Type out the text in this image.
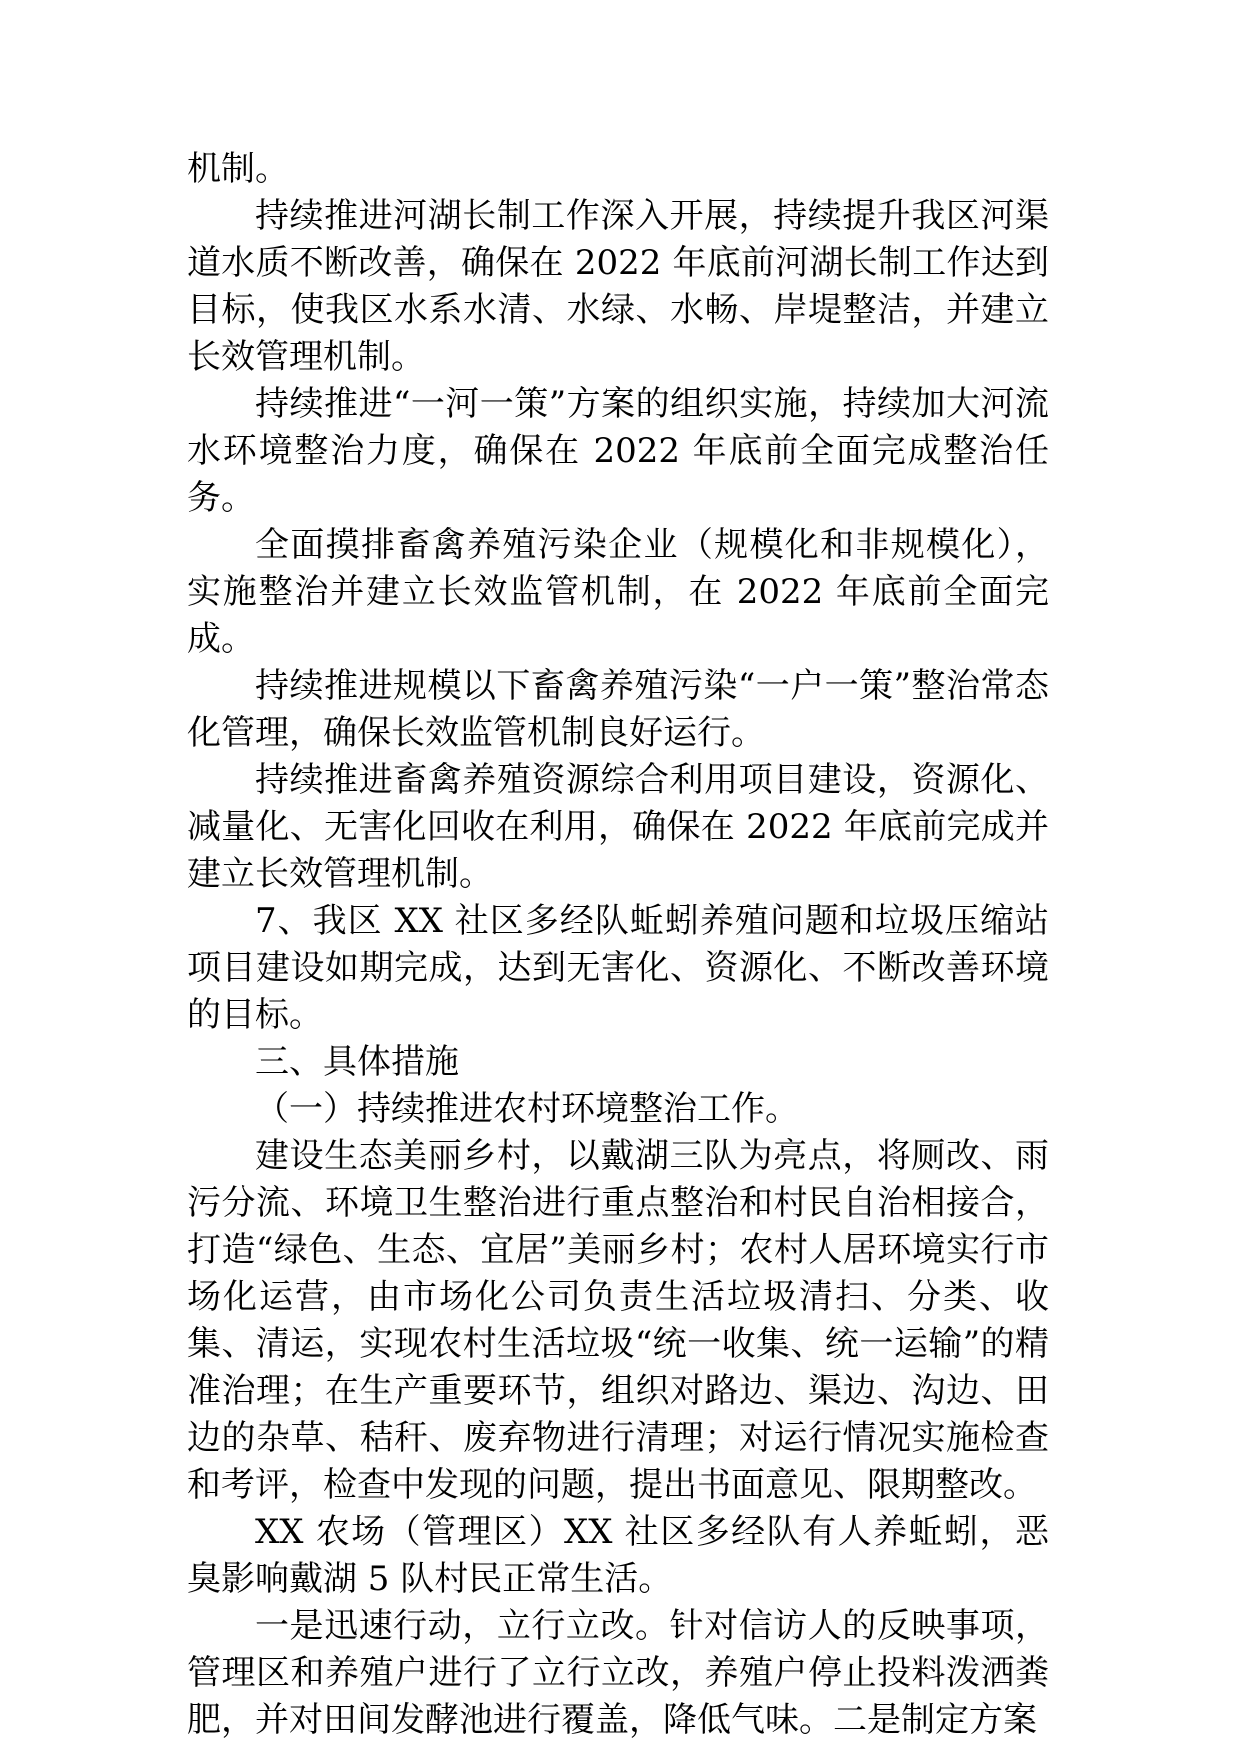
机制。

持续推进河湖长制工作深入开展，持续提升我区河渠道水质不断改善，确保在 2022 年底前河湖长制工作达到目标，使我区水系水清、水绿、水畅、岸堤整洁，并建立长效管理机制。

持续推进“一河一策”方案的组织实施，持续加大河流水环境整治力度，确保在 2022 年底前全面完成整治任务。

全面摸排畜禽养殖污染企业（规模化和非规模化），实施整治并建立长效监管机制，在 2022 年底前全面完成。

持续推进规模以下畜禽养殖污染“一户一策”整治常态化管理，确保长效监管机制良好运行。

持续推进畜禽养殖资源综合利用项目建设，资源化、减量化、无害化回收在利用，确保在 2022 年底前完成并建立长效管理机制。

7、我区 XX 社区多经队蚯蚓养殖问题和垃圾压缩站项目建设如期完成，达到无害化、资源化、不断改善环境的目标。

三、具体措施

（一）持续推进农村环境整治工作。

建设生态美丽乡村，以戴湖三队为亮点，将厕改、雨污分流、环境卫生整治进行重点整治和村民自治相接合，打造“绿色、生态、宜居”美丽乡村；农村人居环境实行市场化运营，由市场化公司负责生活垃圾清扫、分类、收集、清运，实现农村生活垃圾“统一收集、统一运输”的精准治理；在生产重要环节，组织对路边、渠边、沟边、田边的杂草、秸秆、废弃物进行清理；对运行情况实施检查和考评，检查中发现的问题，提出书面意见、限期整改。

XX 农场（管理区）XX 社区多经队有人养蚯蚓，恶臭影响戴湖 5 队村民正常生活。

一是迅速行动，立行立改。针对信访人的反映事项，管理区和养殖户进行了立行立改，养殖户停止投料泼洒粪肥，并对田间发酵池进行覆盖，降低气味。二是制定方案
